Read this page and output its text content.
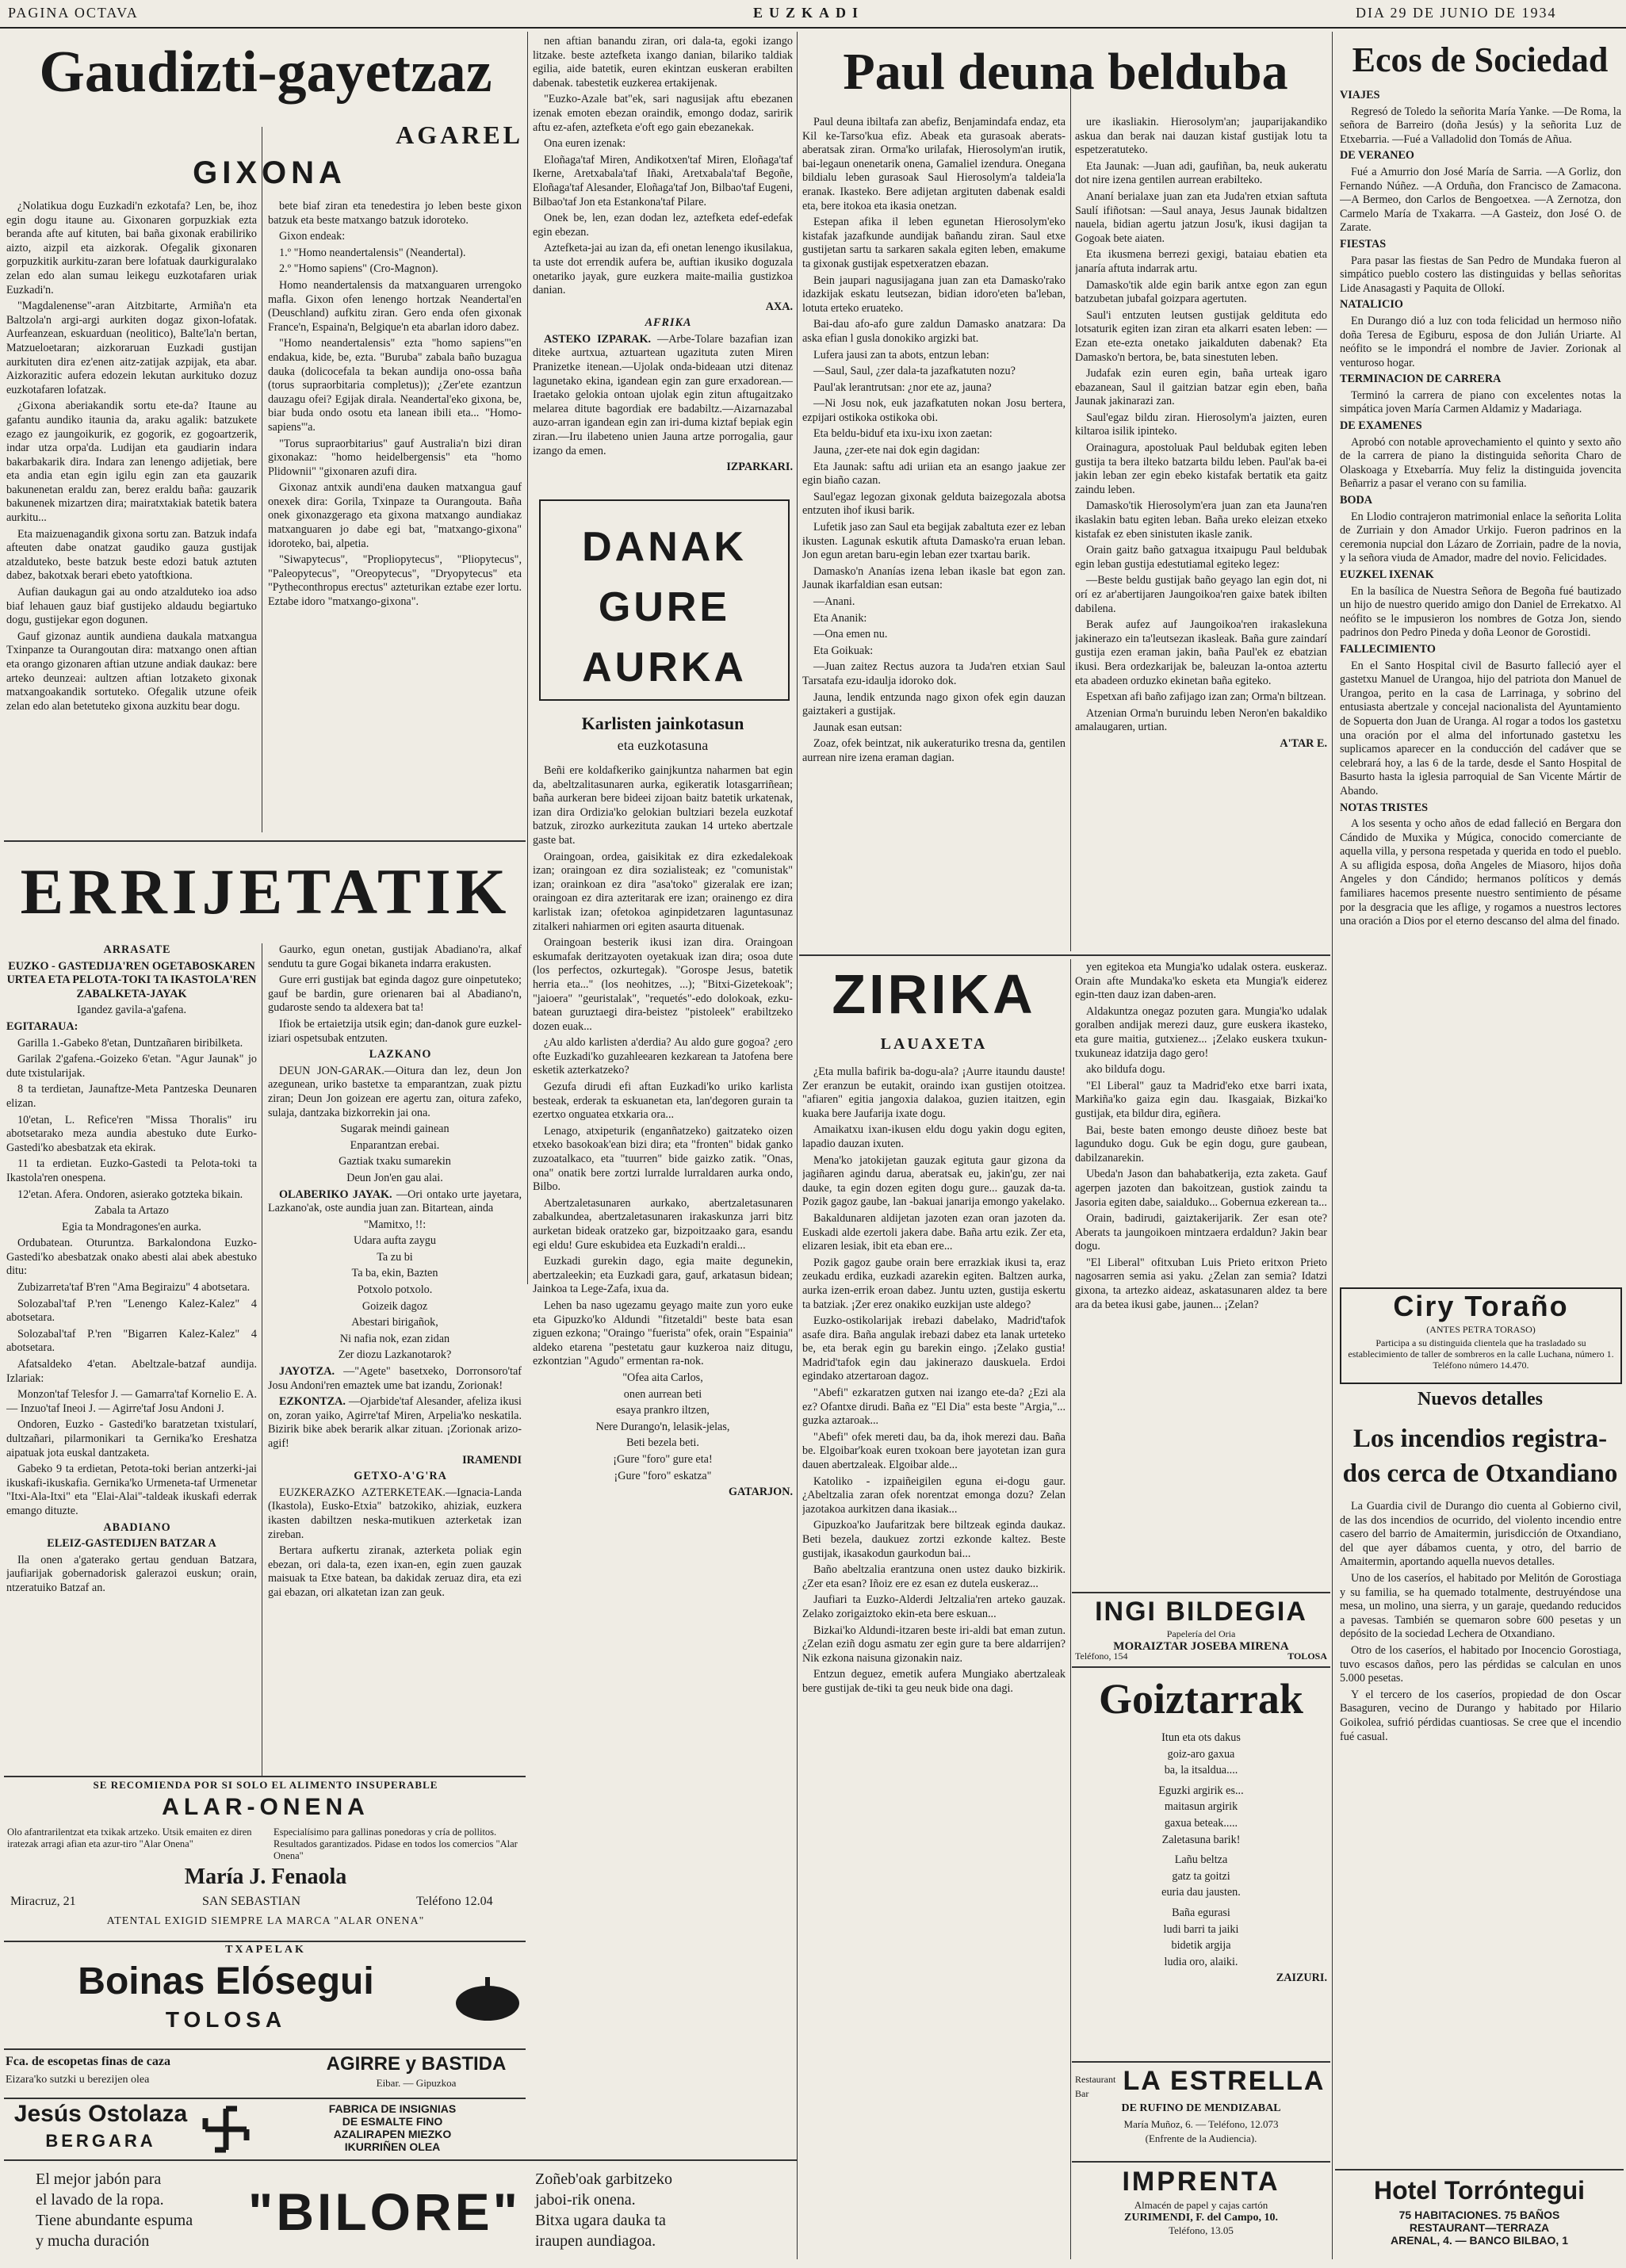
PAGINA OCTAVA	EUZKADI	DIA 29 DE JUNIO DE 1934
Gaudizti-gayetzaz
AGAREL
GIXONA

¿Nolatikua dogu Euzkadi'n ezkotafa? Len, be, ihoz egin dogu itaune au. Gixonaren gorpuzkiak ezta beranda afte auf kituten, bai baña gixonak erabiliriko aizto, aizpil eta aizkorak. Ofegalik gixonaren gorpuzkitik aurkitu-zaran bere lofatuak daurkiguralako zelan edo alan sumau leikegu euzkotafaren uriak Euzkadi'n.

"Magdalenense"-aran Aitzbitarte, Armiña'n eta Baltzola'n argi-argi aurkiten dogaz gixon-lofatak. Aurfeanzean, eskuarduan (neolitico), Balte'la'n bertan, Matzueloetaran; aizkoraruan Euzkadi gustijan aurkituten dira ez'enen aitz-zatijak azpijak, eta abar. Aizkorazitic aufera edozein lekutan aurkituko dozuz euzkotafaren lofatzak.

¿Gixona aberiakandik sortu ete-da? Itaune au gafantu aundiko itaunia da, araku agalik: batzukete ezago ez jaungoikurik, ez gogorik, ez gogoartzerik, indar utza orpa'da. Ludijan eta gaudiarin indara bakarbakarik dira. Indara zan lenengo adijetiak, bere eta andia etan egin igilu egin zan eta gauzarik bakunenetan eraldu zan, berez eraldu baña: gauzarik bakunenek mizartzen dira; mairatxtakiak batetik batera aurkitu...

Eta maizuenagandik gixona sortu zan. Batzuk indafa afteuten dabe onatzat gaudiko gauza gustijak atzalduteko, beste batzuk beste edozi batuk aztuten dabez, bakotxak berari ebeto yatoftkiona.

Aufian daukagun gai au ondo atzalduteko ioa adso biaf lehauen gauz biaf gustijeko aldaudu begiartuko dogu, gustijekar egon dogunen.

Gauf gizonaz auntik aundiena daukala matxangua Txinpanze ta Ourangoutan dira: matxango onen aftian eta orango gizonaren aftian utzune andiak daukaz: bere arteko deunzeai: aultzen aftian lotzaketo gixonak matxangoakandik sortuteko. Ofegalik utzune ofeik zelan edo alan betetuteko gixona auzkitu bear dogu.

bete biaf ziran eta tenedestira jo leben beste gixon batzuk eta beste matxango batzuk idoroteko.

Gixon endeak:

1.º "Homo neandertalensis" (Neandertal).

2.º "Homo sapiens" (Cro-Magnon).

Homo neandertalensis da matxanguaren urrengoko mafla. Gixon ofen lenengo hortzak Neandertal'en (Deuschland) aufkitu ziran. Gero enda ofen gixonak France'n, Espaina'n, Belgique'n eta abarlan idoro dabez.

"Homo neandertalensis" ezta "homo sapiens"'en endakua, kide, be, ezta. "Buruba" zabala baño buzagua dauka (dolicocefala ta bekan aundija ono-ossa baña (torus supraorbitaria completus)); ¿Zer'ete ezantzun dauzagu ofei? Egijak dirala. Neandertal'eko gixona, be, biar buda ondo osotu eta lanean ibili eta... "Homo-sapiens"'a.

"Torus supraorbitarius" gauf Australia'n bizi diran gixonakaz: "homo heidelbergensis" eta "homo Plidownii" "gixonaren azufi dira.

Gixonaz antxik aundi'ena dauken matxangua gauf onexek dira: Gorila, Txinpaze ta Ourangouta. Baña onek gixonazgerago eta gixona matxango aundiakaz matxanguaren jo dabe egi bat, "matxango-gixona" idoroteko, bai, alpetia.

"Siwapytecus", "Propliopytecus", "Pliopytecus", "Paleopytecus", "Oreopytecus", "Dryopytecus" eta "Pytheconthropus erectus" azteturikan eztabe ezer lortu. Eztabe idoro "matxango-gixona".

ERRIJETATIK

ARRASATE

EUZKO - GASTEDIJA'REN OGETABOSKAREN URTEA ETA PELOTA-TOKI TA IKASTOLA'REN ZABALKETA-JAYAK

Igandez gavila-a'gafena.

EGITARAUA:

Garilla 1.-Gabeko 8'etan, Duntzañaren biribilketa.

Garilak 2'gafena.-Goizeko 6'etan. "Agur Jaunak" jo dute txistularijak.

8 ta terdietan, Jaunaftze-Meta Pantzeska Deunaren elizan.

10'etan, L. Refice'ren "Missa Thoralis" iru abotsetarako meza aundia abestuko dute Eurko-Gastedi'ko abesbatzak eta ekirak.

11 ta erdietan. Euzko-Gastedi ta Pelota-toki ta Ikastola'ren onespena.

12'etan. Afera. Ondoren, asierako gotzteka bikain.

Zabala ta Artazo

Egia ta Mondragones'en aurka.

Ordubatean. Oturuntza. Barkalondona Euzko-Gastedi'ko abesbatzak onako abesti alai abek abestuko ditu:

Zubizarreta'taf B'ren "Ama Begiraizu" 4 abotsetara.

Solozabal'taf P.'ren "Lenengo Kalez-Kalez" 4 abotsetara.

Solozabal'taf P.'ren "Bigarren Kalez-Kalez" 4 abotsetara.

Afatsaldeko 4'etan. Abeltzale-batzaf aundija. Izlariak:

Monzon'taf Telesfor J. — Gamarra'taf Kornelio E. A. — Inzuo'taf Ineoi J. — Agirre'taf Josu Andoni J.

Ondoren, Euzko - Gastedi'ko baratzetan txistularí, dultzañari, pilarmonikari ta Gernika'ko Ereshatza aipatuak jota euskal dantzaketa.

Gabeko 9 ta erdietan, Petota-toki berian antzerki-jai ikuskafi-ikuskafia. Gernika'ko Urmeneta-taf Urmenetar "Itxi-Ala-Itxi" eta "Elai-Alai"-taldeak ikuskafi ederrak emango dituzte.

ABADIANO

ELEIZ-GASTEDIJEN BATZAR A

Ila onen a'gaterako gertau genduan Batzara, jaufiarijak gobernadorisk galerazoi euskun; orain, ntzeratuiko Batzaf an.

Gaurko, egun onetan, gustijak Abadiano'ra, alkaf sendutu ta gure Gogai bikaneta indarra erakusten.

Gure erri gustijak bat eginda dagoz gure oinpetuteko; gauf be bardin, gure orienaren bai al Abadiano'n, gudaroste sendo ta aldexera bat ta!

Ifiok be ertaietzija utsik egin; dan-danok gure euzkel-iziari ospetsubak entzuten.

LAZKANO

DEUN JON-GARAK.—Oitura dan lez, deun Jon azegunean, uriko bastetxe ta emparantzan, zuak piztu ziran; Deun Jon goizean ere agertu zan, oitura zafeko, sulaja, dantzaka bizkorrekin jai ona.

Sugarak meindi gainean

Enparantzan erebai.

Gaztiak txaku sumarekin

Deun Jon'en gau alai.

OLABERIKO JAYAK. —Ori ontako urte jayetara, Lazkano'ak, oste aundia juan zan. Bitartean, ainda

"Mamitxo, !!:

Udara aufta zaygu

Ta zu bi

Ta ba, ekin, Bazten

Potxolo potxolo.

Goizeik dagoz

Abestari birigañok,

Ni nafia nok, ezan zidan

Zer diozu Lazkanotarok?

JAYOTZA. —"Agete" basetxeko, Dorronsoro'taf Josu Andoni'ren emaztek ume bat izandu, Zorionak!

EZKONTZA. —Ojarbide'taf Alesander, afeliza ikusi on, zoran yaiko, Agirre'taf Miren, Arpelia'ko neskatila. Bizirik bike abek berarik alkar zituan. ¡Zorionak arizo-agif!

IRAMENDI

GETXO-A'G'RA

EUZKERAZKO AZTERKETEAK.—Ignacia-Landa (Ikastola), Eusko-Etxia" batzokiko, ahiziak, euzkera ikasten dabiltzen neska-mutikuen azterketak izan zireban.

Bertara aufkertu ziranak, azterketa poliak egin ebezan, ori dala-ta, ezen ixan-en, egin zuen gauzak maisuak ta Etxe batean, ba dakidak zeruaz dira, eta ezi gai ebazan, ori alkatetan izan zan geuk.

SE RECOMIENDA POR SI SOLO EL ALIMENTO INSUPERABLE
ALAR-ONENA
Olo afantrarilentzat eta txikak artzeko. Utsik emaiten ez diren iratezak arragi afian eta azur-tiro "Alar Onena"
Especialísimo para gallinas ponedoras y cría de pollitos. Resultados garantizados. Pidase en todos los comercios "Alar Onena"
María J. Fenaola
Miracruz, 21	SAN SEBASTIAN	Teléfono 12.04
ATENTAL EXIGID SIEMPRE LA MARCA "ALAR ONENA"
TXAPELAK
Boinas Elósegui
TOLOSA
Fca. de escopetas finas de caza
Eizara'ko sutzki u berezijen olea
AGIRRE y BASTIDA
Eibar. — Gipuzkoa
Jesús Ostolaza
BERGARA
FABRICA DE INSIGNIAS
DE ESMALTE FINO
AZALIRAPEN MIEZKO
IKURRIÑEN OLEA
El mejor jabón para
el lavado de la ropa.
Tiene abundante espuma
y mucha duración	"BILORE"
Zoñeb'oak garbitzeko
jaboi-rik onena.
Bitxa ugara dauka ta
iraupen aundiagoa.

nen aftian banandu ziran, ori dala-ta, egoki izango litzake. beste aztefketa ixango danian, bilariko taldiak egilia, aide batetik, euren ekintzan euskeran erabilten dabenak. tabestetik euzkerea ertakijenak.

"Euzko-Azale bat"ek, sari nagusijak aftu ebezanen izenak emoten ebezan oraindik, emongo dodaz, saririk aftu ez-afen, aztefketa e'oft ego gain ebezanekak.

Ona euren izenak:

Eloñaga'taf Miren, Andikotxen'taf Miren, Eloñaga'taf Ikerne, Aretxabala'taf Iñaki, Aretxabala'taf Begoñe, Eloñaga'taf Alesander, Eloñaga'taf Jon, Bilbao'taf Eugeni, Bilbao'taf Jon eta Estankona'taf Pilare.

Onek be, len, ezan dodan lez, aztefketa edef-edefak egin ebezan.

Aztefketa-jai au izan da, efi onetan lenengo ikusilakua, ta uste dot errendik aufera be, auftian ikusiko doguzala onetariko jayak, gure euzkera maite-mailia gustizkoa danian.

AXA.

AFRIKA

ASTEKO IZPARAK. —Arbe-Tolare bazafian izan diteke aurtxua, aztuartean ugazituta zuten Miren Pranizetke itenean.—Ujolak onda-bideaan utzi ditenaz lagunetako ekina, igandean egin zan gure erxadorean.—Iraetako gelokia ontoan ujolak egin zitun aftugaitzako melarea ditute bagordiak ere badabiltz.—Aizarnazabal auzo-arran igandean egin zan iri-duma kiztaf bepiak egin ziran.—Iru ilabeteno unien Jauna artze porrogalia, gaur izango da emen.

IZPARKARI.

DANAK GURE
AURKA
Karlisten jainkotasun
eta euzkotasuna

Beñi ere koldafkeriko gainjkuntza naharmen bat egin da, abeltzalitasunaren aurka, egikeratik lotasgarriñean; baña aurkeran bere bideei zijoan baitz batetik urkatenak, izan dira Ordizia'ko gelokian bultziari bezela euzkotaf batzuk, zirozko aurkezituta zaukan 14 urteko abertzale gaste bat.

Oraingoan, ordea, gaisikitak ez dira ezkedalekoak izan; oraingoan ez dira sozialisteak; ez "comunistak" izan; orainkoan ez dira "asa'toko" gizeralak ere izan; oraingoan ez dira azteritarak ere izan; orainengo ez dira karlistak izan; ofetokoa aginpidetzaren laguntasunaz zitalkeri nahiarmen ori egiten asaurta dituenak.

Oraingoan besterik ikusi izan dira. Oraingoan eskumafak deritzayoten oyetakuak izan dira; osoa dute (los perfectos, ozkurtegak). "Gorospe Jesus, batetik herria eta..." (los neohitzes, ...); "Bitxi-Gizetekoak"; "jaioera" "geuristalak", "requetés"-edo dolokoak, ezku-batean guruztaegi dira-beistez "pistoleek" erabiltzeko dozen euak...

¿Au aldo karlisten a'derdia? Au aldo gure gogoa? ¿ero ofte Euzkadi'ko guzahleearen kezkarean ta Jatofena bere esketik azterkatzeko?

Gezufa dirudi efi aftan Euzkadi'ko uriko karlista besteak, erderak ta eskuanetan eta, lan'degoren gurain ta ezertxo onguatea etxkaria ora...

Lenago, atxipeturik (enganñatzeko) gaitzateko oizen etxeko basokoak'ean bizi dira; eta "fronten" bidak ganko zuzoatalkaco, eta "tuurren" bide gaizko zatik. "Onas, ona" onatik bere zortzi lurralde lurraldaren aurka ondo, Bilbo.

Abertzaletasunaren aurkako, abertzaletasunaren zabalkundea, abertzaletasunaren irakaskunza jarri bitz aurketan bideak oratzeko gar, bizpoitzaako gara, esandu egi eldu! Gure eskubidea eta Euzkadi'n eraldi...

Euzkadi gurekin dago, egia maite degunekin, abertzaleekin; eta Euzkadi gara, gauf, arkatasun bidean; Jainkoa ta Lege-Zafa, ixua da.

Lehen ba naso ugezamu geyago maite zun yoro euke eta Gipuzko'ko Aldundi "fitzetaldi" beste bata esan ziguen ezkona; "Oraingo "fuerista" ofek, orain "Espainia" aldeko etarena "pestetatu gaur kuzkeroa naiz ditugu, ezkontzian "Agudo" ermentan ra-nok.

"Ofea aita Carlos,

onen aurrean beti

esaya prankro iltzen,

Nere Durango'n, lelasik-jelas,

Beti bezela beti.

¡Gure "foro" gure eta!

¡Gure "foro" eskatza"

GATARJON.

Paul deuna belduba

Paul deuna ibiltafa zan abefiz, Benjamindafa endaz, eta Kil ke-Tarso'kua efiz. Abeak eta gurasoak aberats-aberatsak ziran. Orma'ko urilafak, Hierosolym'an irutik, bai-legaun onenetarik onena, Gamaliel izendura. Onegana bildialu leben gurasoak Saul Hierosolym'a taldeia'la eranak. Ikasteko. Bere adijetan argituten dabenak esaldi eta, bere itokoa eta ikasia onetzan.

Estepan afika il leben egunetan Hierosolym'eko kistafak jazafkunde aundijak bañandu ziran. Saul etxe gustijetan sartu ta sarkaren sakala egiten leben, emakume ta gixonak gustijak espetxeratzen ebazan.

Bein jaupari nagusijagana juan zan eta Damasko'rako idazkijak eskatu leutsezan, bidian idoro'eten ba'leban, lotuta erteko eruateko.

Bai-dau afo-afo gure zaldun Damasko anatzara: Da aska efian l gusla donokiko argizki bat.

Lufera jausi zan ta abots, entzun leban:

—Saul, Saul, ¿zer dala-ta jazafkatuten nozu?

Paul'ak lerantrutsan: ¿nor ete az, jauna?

—Ni Josu nok, euk jazafkatuten nokan Josu bertera, ezpijari ostikoka ostikoka obi.

Eta beldu-biduf eta ixu-ixu ixon zaetan:

Jauna, ¿zer-ete nai dok egin dagidan:

Eta Jaunak: saftu adi uriian eta an esango jaakue zer egin biaño cazan.

Saul'egaz legozan gixonak gelduta baizegozala abotsa entzuten ihof ikusi barik.

Lufetik jaso zan Saul eta begijak zabaltuta ezer ez leban ikusten. Lagunak eskutik aftuta Damasko'ra eruan leban. Jon egun aretan baru-egin leban ezer txartau barik.

Damasko'n Ananías izena leban ikasle bat egon zan. Jaunak ikarfaldian esan eutsan:

—Anani.

Eta Ananik:

—Ona emen nu.

Eta Goikuak:

—Juan zaitez Rectus auzora ta Juda'ren etxian Saul Tarsatafa ezu-idaulja idoroko dok.

Jauna, lendik entzunda nago gixon ofek egin dauzan gaiztakeri a gustijak.

Jaunak esan eutsan:

Zoaz, ofek beintzat, nik aukeraturiko tresna da, gentilen aurrean nire izena eraman dagian.

ure ikasliakin. Hierosolym'an; jauparijakandiko askua dan berak nai dauzan kistaf gustijak lotu ta espetzeratuteko.

Eta Jaunak: —Juan adi, gaufiñan, ba, neuk aukeratu dot nire izena gentilen aurrean erabilteko.

Ananí berialaxe juan zan eta Juda'ren etxian saftuta Saulí ifiñotsan: —Saul anaya, Jesus Jaunak bidaltzen nauela, bidian agertu jatzun Josu'k, ikusi dagijan ta Gogoak bete aiaten.

Eta ikusmena berrezi gexigi, bataiau ebatien eta janaría aftuta indarrak artu.

Damasko'tik alde egin barik antxe egon zan egun batzubetan jubafal goizpara agertuten.

Saul'i entzuten leutsen gustijak geldituta edo lotsaturik egiten izan ziran eta alkarri esaten leben: —Ezan ete-ezta onetako jaikalduten dabenak? Eta Damasko'n bertora, be, bata sinestuten leben.

Judafak ezin euren egin, baña urteak igaro ebazanean, Saul il gaitzian batzar egin eben, baña Jaunak jakinarazi zan.

Saul'egaz bildu ziran. Hierosolym'a jaizten, euren kiltaroa isilik ipinteko.

Orainagura, apostoluak Paul beldubak egiten leben gustija ta bera ilteko batzarta bildu leben. Paul'ak ba-ei jakin leban zer egin ebeko kistafak bertatik eta gaitz zaindu leben.

Damasko'tik Hierosolym'era juan zan eta Jauna'ren ikaslakin batu egiten leban. Baña ureko eleizan etxeko kistafak ez eben sinistuten ikasle zanik.

Orain gaitz baño gatxagua itxaipugu Paul beldubak egin leban gustija edestutiamal egiteko legez:

—Beste beldu gustijak baño geyago lan egin dot, ni orí ez ar'abertijaren Jaungoikoa'ren gaixe batek ibilten dabilena.

Berak aufez auf Jaungoikoa'ren irakaslekuna jakinerazo ein ta'leutsezan ikasleak. Baña gure zaindarí gustija ezen eraman jakin, baña Paul'ek ez ebatzian ikusi. Bera ordezkarijak be, baleuzan la-ontoa aztertu eta abadeen orduzko ekinetan baña egiteko.

Espetxan afi baño zafijago izan zan; Orma'n biltzean.

Atzenian Orma'n buruindu leben Neron'en bakaldiko amalaugaren, urtian.

A'TAR E.

ZIRIKA
LAUAXETA

¿Eta mulla bafirik ba-dogu-ala? ¡Aurre itaundu dauste! Zer eranzun be eutakit, oraindo ixan gustijen otoitzea. "afiaren" egitia jangoxia dalakoa, guzien itaitzen, egin kuaka bere Jaufarija ixate dogu.

Amaikatxu ixan-ikusen eldu dogu yakin dogu egiten, lapadio dauzan ixuten.

Mena'ko jatokijetan gauzak egituta gaur gizona da jagiñaren agindu darua, aberatsak eu, jakin'gu, zer nai dauke, ta egin dozen egiten dogu gure... gauzak da-ta. Pozik gagoz gaube, lan -bakuai janarija emongo yakelako.

Bakaldunaren aldijetan jazoten ezan oran jazoten da. Euskadi alde ezertoli jakera dabe. Baña artu ezik. Zer eta, elizaren lesiak, ibit eta eban ere...

Pozik gagoz gaube orain bere errazkiak ikusi ta, eraz zeukadu erdika, euzkadi azarekin egiten. Baltzen aurka, aurka izen-errik eroan dabez. Juntu uzten, gustija eskertu ta batziak. ¡Zer erez onakiko euzkijan uste aldego?

Euzko-ostikolarijak irebazi dabelako, Madrid'tafok asafe dira. Baña angulak irebazi dabez eta lanak urteteko be, eta berak egin gu barekin eingo. ¡Zelako gustia! Madrid'tafok egin dau jakinerazo dauskuela. Erdoi egindako atzertaroan dagoz.

"Abefi" ezkaratzen gutxen nai izango ete-da? ¿Ezi ala ez? Ofantxe dirudi. Baña ez "El Dia" esta beste "Argia,"... guzka aztaroak...

"Abefi" ofek mereti dau, ba da, ihok merezi dau. Baña be. Elgoibar'koak euren txokoan bere jayotetan izan gura dauen abertzaleak. Elgoibar alde...

Katoliko - izpaiñeigilen eguna ei-dogu gaur. ¿Abeltzalia zaran ofek norentzat emonga dozu? Zelan jazotakoa aurkitzen dana ikasiak...

Gipuzkoa'ko Jaufaritzak bere biltzeak eginda daukaz. Beti bezela, daukuez zortzi ezkonde kaltez. Beste gustijak, ikasakodun gaurkodun bai...

Baño abeltzalia erantzuna onen ustez dauko bizkirik. ¿Zer eta esan? Iñoiz ere ez esan ez dutela euskeraz...

Jaufiari ta Euzko-Alderdi Jeltzalia'ren arteko gauzak. Zelako zorigaiztoko ekin-eta bere eskuan...

Bizkai'ko Aldundi-itzaren beste iri-aldi bat eman zutun. ¿Zelan eziñ dogu asmatu zer egin gure ta bere aldarrijen? Nik ezkona naisuna gizonakin naiz.

Entzun deguez, emetik aufera Mungiako abertzaleak bere gustijak de-tiki ta geu neuk bide ona dagi.

yen egitekoa eta Mungia'ko udalak ostera. euskeraz. Orain afte Mundaka'ko esketa eta Mungia'k eiderez egin-tten dauz izan daben-aren.

Aldakuntza onegaz pozuten gara. Mungia'ko udalak goralben andijak merezi dauz, gure euskera ikasteko, eta gure maitia, gutxienez... ¡Zelako euskera txukun-txukuneaz idatzija dago gero!

ako bildufa dogu.

"El Liberal" gauz ta Madrid'eko etxe barri ixata, Markiña'ko gaiza egin dau. Ikasgaiak, Bizkai'ko gustijak, eta bildur dira, egiñera.

Bai, beste baten emongo deuste diñoez beste bat lagunduko dogu. Guk be egin dogu, gure gaubean, dabilzanarekin.

Ubeda'n Jason dan bahabatkerija, ezta zaketa. Gauf agerpen jazoten dan bakoitzean, gustiok zaindu ta Jasoria egiten dabe, saialduko... Gobernua ezkerean ta...

Orain, badirudi, gaiztakerijarik. Zer esan ote? Aberats ta jaungoikoen mintzaera erdaldun? Jakin bear dogu.

"El Liberal" ofitxuban Luis Prieto eritxon Prieto nagosarren semia asi yaku. ¿Zelan zan semia? Idatzi gixona, ta artezko aideaz, askatasunaren aldez ta bere ara da betea ikusi gabe, jaunen... ¡Zelan?

INGI BILDEGIA
Papelería del Oria
MORAIZTAR JOSEBA MIRENA
Teléfono, 154	TOLOSA
Goiztarrak

Itun eta ots dakus

goiz-aro gaxua

ba, la itsaldua....

Eguzki argirik es...

maitasun argirik

gaxua beteak.....

Zaletasuna barik!

Lañu beltza

gatz ta goitzi

euria dau jausten.

Baña egurasi

ludi barri ta jaiki

bidetik argija

ludia oro, alaiki.

ZAIZURI.

Restaurant
Bar LA ESTRELLA
DE RUFINO DE MENDIZABAL
María Muñoz, 6. — Teléfono, 12.073
(Enfrente de la Audiencia).
IMPRENTA
Almacén de papel y cajas cartón
ZURIMENDI, F. del Campo, 10.
Teléfono, 13.05
Ecos de Sociedad

VIAJES

Regresó de Toledo la señorita María Yanke. —De Roma, la señora de Barreiro (doña Jesús) y la señorita Luz de Etxebarria. —Fué a Valladolid don Tomás de Añua.

DE VERANEO

Fué a Amurrio don José María de Sarria. —A Gorliz, don Fernando Núñez. —A Orduña, don Francisco de Zamacona. —A Bermeo, don Carlos de Bengoetxea. —A Zernotza, don Carmelo María de Txakarra. —A Gasteiz, don José O. de Zarate.

FIESTAS

Para pasar las fiestas de San Pedro de Mundaka fueron al simpático pueblo costero las distinguidas y bellas señoritas Lide Anasagasti y Paquita de Ollokí.

NATALICIO

En Durango dió a luz con toda felicidad un hermoso niño doña Teresa de Egiburu, esposa de don Julián Uriarte. Al neófito se le impondrá el nombre de Javier. Zorionak al venturoso hogar.

TERMINACION DE CARRERA

Terminó la carrera de piano con excelentes notas la simpática joven María Carmen Aldamiz y Madariaga.

DE EXAMENES

Aprobó con notable aprovechamiento el quinto y sexto año de la carrera de piano la distinguida señorita Charo de Olaskoaga y Etxebarría. Muy feliz la distinguida jovencita Beñarriz a pasar el verano con su familia.

BODA

En Llodio contrajeron matrimonial enlace la señorita Lolita de Zurriain y don Amador Urkijo. Fueron padrinos en la ceremonia nupcial don Lázaro de Zorriain, padre de la novia, y la señora viuda de Amador, madre del novio. Felicidades.

EUZKEL IXENAK

En la basílica de Nuestra Señora de Begoña fué bautizado un hijo de nuestro querido amigo don Daniel de Errekatxo. Al neófito se le impusieron los nombres de Gotza Jon, siendo padrinos don Pedro Pineda y doña Leonor de Gorostidi.

FALLECIMIENTO

En el Santo Hospital civil de Basurto falleció ayer el gastetxu Manuel de Urangoa, hijo del patriota don Manuel de Urangoa, perito en la casa de Larrinaga, y sobrino del entusiasta abertzale y concejal nacionalista del Ayuntamiento de Sopuerta don Juan de Uranga. Al rogar a todos los gastetxu una oración por el alma del infortunado gastetxu les suplicamos aparecer en la conducción del cadáver que se celebrará hoy, a las 6 de la tarde, desde el Santo Hospital de Basurto hasta la iglesia parroquial de San Vicente Mártir de Abando.

NOTAS TRISTES

A los sesenta y ocho años de edad falleció en Bergara don Cándido de Muxika y Múgica, conocido comerciante de aquella villa, y persona respetada y querida en todo el pueblo. A su afligida esposa, doña Angeles de Miasoro, hijos doña Angeles y don Cándido; hermanos políticos y demás familiares hacemos presente nuestro sentimiento de pésame por la desgracia que les aflige, y rogamos a nuestros lectores una oración a Dios por el eterno descanso del alma del finado.

Ciry Toraño
(ANTES PETRA TORASO)
Participa a su distinguida clientela que ha trasladado su establecimiento de taller de sombreros en la calle Luchana, número 1. Teléfono número 14.470.
Nuevos detalles
Los incendios registra-
dos cerca de Otxandiano

La Guardia civil de Durango dio cuenta al Gobierno civil, de las dos incendios de ocurrido, del violento incendio entre casero del barrio de Amaitermin, jurisdicción de Otxandiano, del que ayer dábamos cuenta, y otro, del barrio de Amaitermin, aportando aquella nuevos detalles.

Uno de los caseríos, el habitado por Melitón de Gorostiaga y su familia, se ha quemado totalmente, destruyéndose una mesa, un molino, una sierra, y un garaje, quedando reducidos a pavesas. También se quemaron sobre 600 pesetas y un depósito de la sociedad Lechera de Otxandiano.

Otro de los caseríos, el habitado por Inocencio Gorostiaga, tuvo escasos daños, pero las pérdidas se calculan en unos 5.000 pesetas.

Y el tercero de los caseríos, propiedad de don Oscar Basaguren, vecino de Durango y habitado por Hilario Goikolea, sufrió pérdidas cuantiosas. Se cree que el incendio fué casual.

Hotel Torróntegui
75 HABITACIONES. 75 BAÑOS
RESTAURANT—TERRAZA
ARENAL, 4. — BANCO BILBAO, 1
